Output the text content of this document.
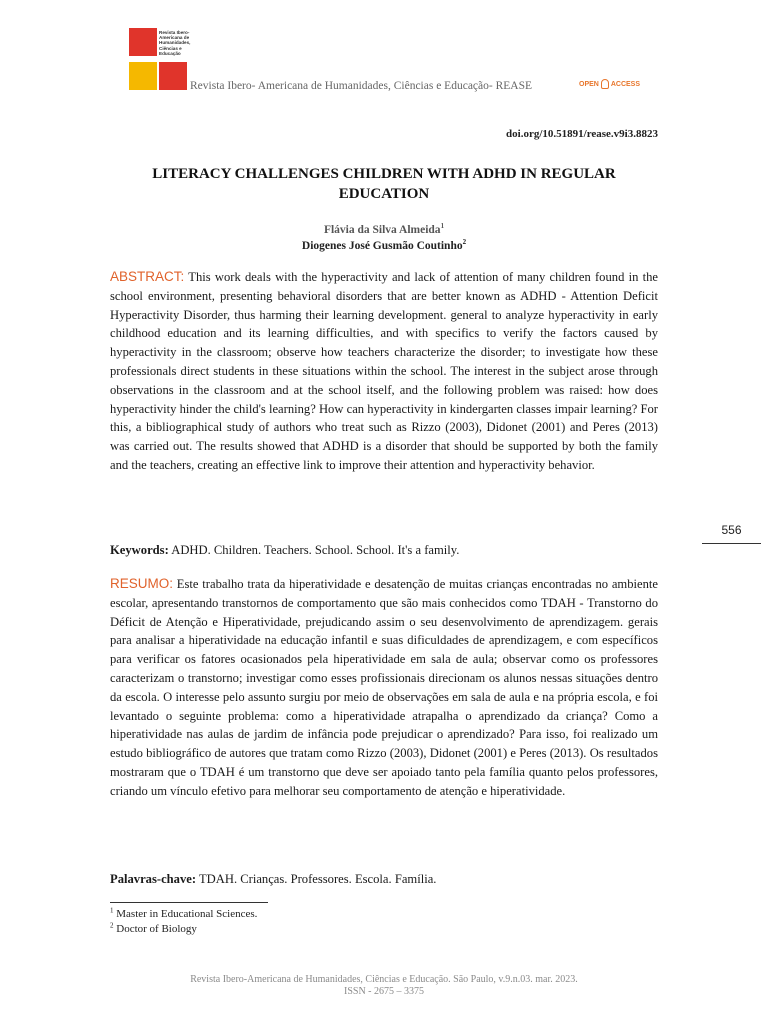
Revista Ibero-Americana de Humanidades, Ciências e Educação
Revista Ibero- Americana de Humanidades, Ciências e Educação- REASE	OPEN ACCESS
doi.org/10.51891/rease.v9i3.8823
LITERACY CHALLENGES CHILDREN WITH ADHD IN REGULAR
EDUCATION
Flávia da Silva Almeida$^1$
Diogenes José Gusmão Coutinho$^2$
ABSTRACT: This work deals with the hyperactivity and lack of attention of many children found in the school environment, presenting behavioral disorders that are better known as ADHD - Attention Deficit Hyperactivity Disorder, thus harming their learning development. general to analyze hyperactivity in early childhood education and its learning difficulties, and with specifics to verify the factors caused by hyperactivity in the classroom; observe how teachers characterize the disorder; to investigate how these professionals direct students in these situations within the school. The interest in the subject arose through observations in the classroom and at the school itself, and the following problem was raised: how does hyperactivity hinder the child's learning? How can hyperactivity in kindergarten classes impair learning? For this, a bibliographical study of authors who treat such as Rizzo (2003), Didonet (2001) and Peres (2013) was carried out. The results showed that ADHD is a disorder that should be supported by both the family and the teachers, creating an effective link to improve their attention and hyperactivity behavior.
Keywords: ADHD. Children. Teachers. School. School. It's a family.
556
RESUMO: Este trabalho trata da hiperatividade e desatenção de muitas crianças encontradas no ambiente escolar, apresentando transtornos de comportamento que são mais conhecidos como TDAH - Transtorno do Déficit de Atenção e Hiperatividade, prejudicando assim o seu desenvolvimento de aprendizagem. gerais para analisar a hiperatividade na educação infantil e suas dificuldades de aprendizagem, e com específicos para verificar os fatores ocasionados pela hiperatividade em sala de aula; observar como os professores caracterizam o transtorno; investigar como esses profissionais direcionam os alunos nessas situações dentro da escola. O interesse pelo assunto surgiu por meio de observações em sala de aula e na própria escola, e foi levantado o seguinte problema: como a hiperatividade atrapalha o aprendizado da criança? Como a hiperatividade nas aulas de jardim de infância pode prejudicar o aprendizado? Para isso, foi realizado um estudo bibliográfico de autores que tratam como Rizzo (2003), Didonet (2001) e Peres (2013). Os resultados mostraram que o TDAH é um transtorno que deve ser apoiado tanto pela família quanto pelos professores, criando um vínculo efetivo para melhorar seu comportamento de atenção e hiperatividade.
Palavras-chave: TDAH. Crianças. Professores. Escola. Família.
$^1$ Master in Educational Sciences.
$^2$ Doctor of Biology
Revista Ibero-Americana de Humanidades, Ciências e Educação. São Paulo, v.9.n.03. mar. 2023.
ISSN - 2675 – 3375
